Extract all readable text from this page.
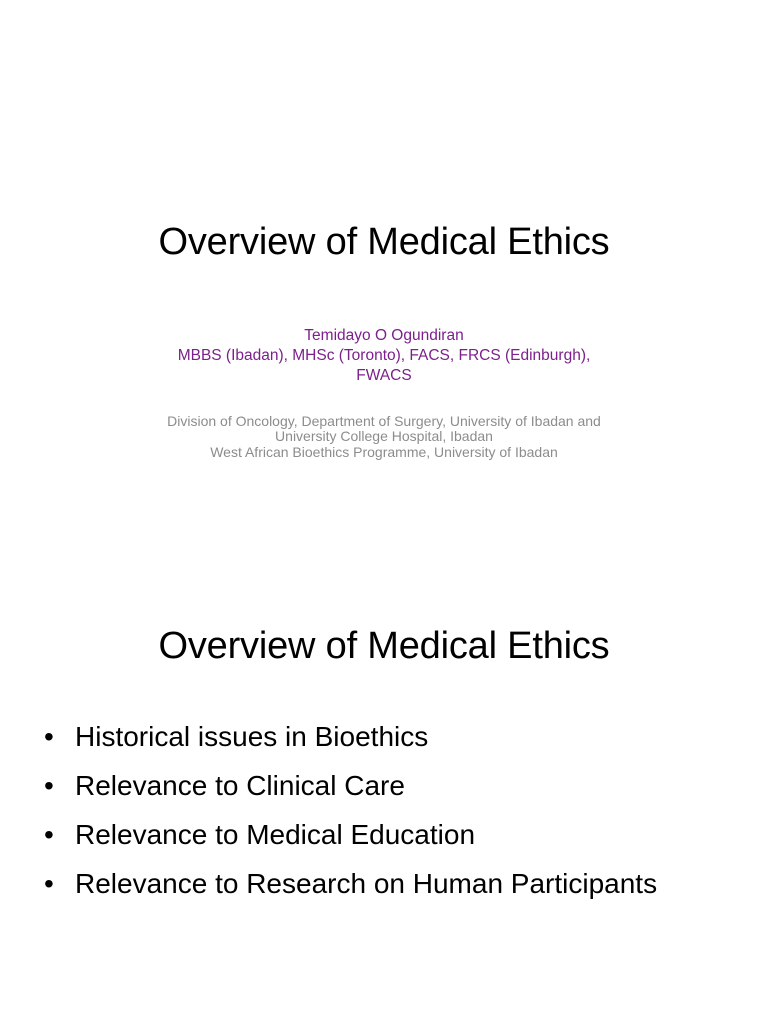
Overview of Medical Ethics
Temidayo O Ogundiran
MBBS (Ibadan), MHSc (Toronto), FACS, FRCS (Edinburgh),
FWACS
Division of Oncology, Department of Surgery, University of Ibadan and
University College Hospital, Ibadan
West African Bioethics Programme, University of Ibadan
Overview of Medical Ethics
• Historical issues in Bioethics
• Relevance to Clinical Care
• Relevance to Medical Education
• Relevance to Research on Human Participants
